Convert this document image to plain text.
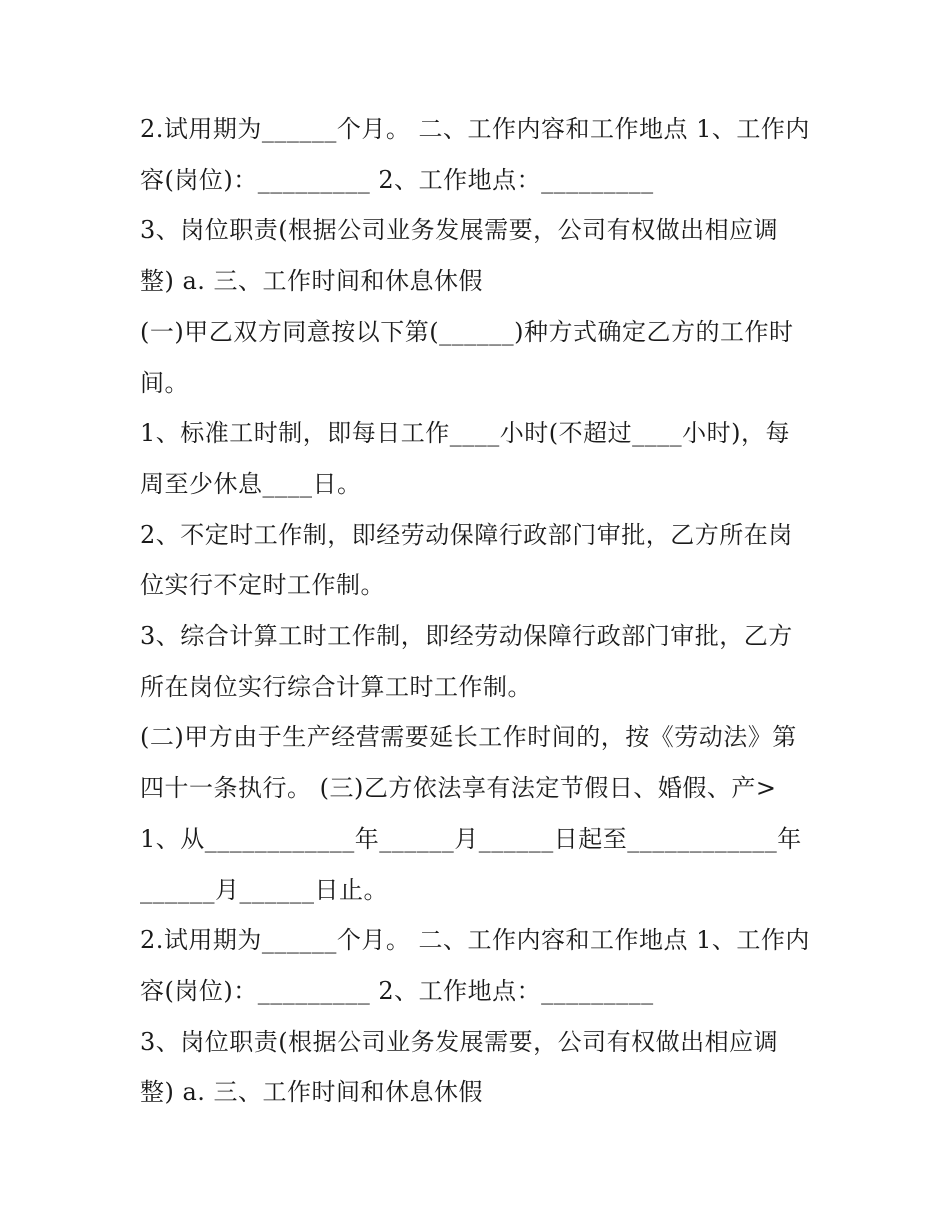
2.试用期为______个月。 二、工作内容和工作地点 1、工作内容(岗位)：_________ 2、工作地点：_________

3、岗位职责(根据公司业务发展需要，公司有权做出相应调整) a. 三、工作时间和休息休假

(一)甲乙双方同意按以下第(______)种方式确定乙方的工作时间。

1、标准工时制，即每日工作____小时(不超过____小时)，每周至少休息____日。

2、不定时工作制，即经劳动保障行政部门审批，乙方所在岗位实行不定时工作制。

3、综合计算工时工作制，即经劳动保障行政部门审批，乙方所在岗位实行综合计算工时工作制。

(二)甲方由于生产经营需要延长工作时间的，按《劳动法》第四十一条执行。 (三)乙方依法享有法定节假日、婚假、产>

1、从____________年______月______日起至____________年______月______日止。

2.试用期为______个月。 二、工作内容和工作地点 1、工作内容(岗位)：_________ 2、工作地点：_________

3、岗位职责(根据公司业务发展需要，公司有权做出相应调整) a. 三、工作时间和休息休假
